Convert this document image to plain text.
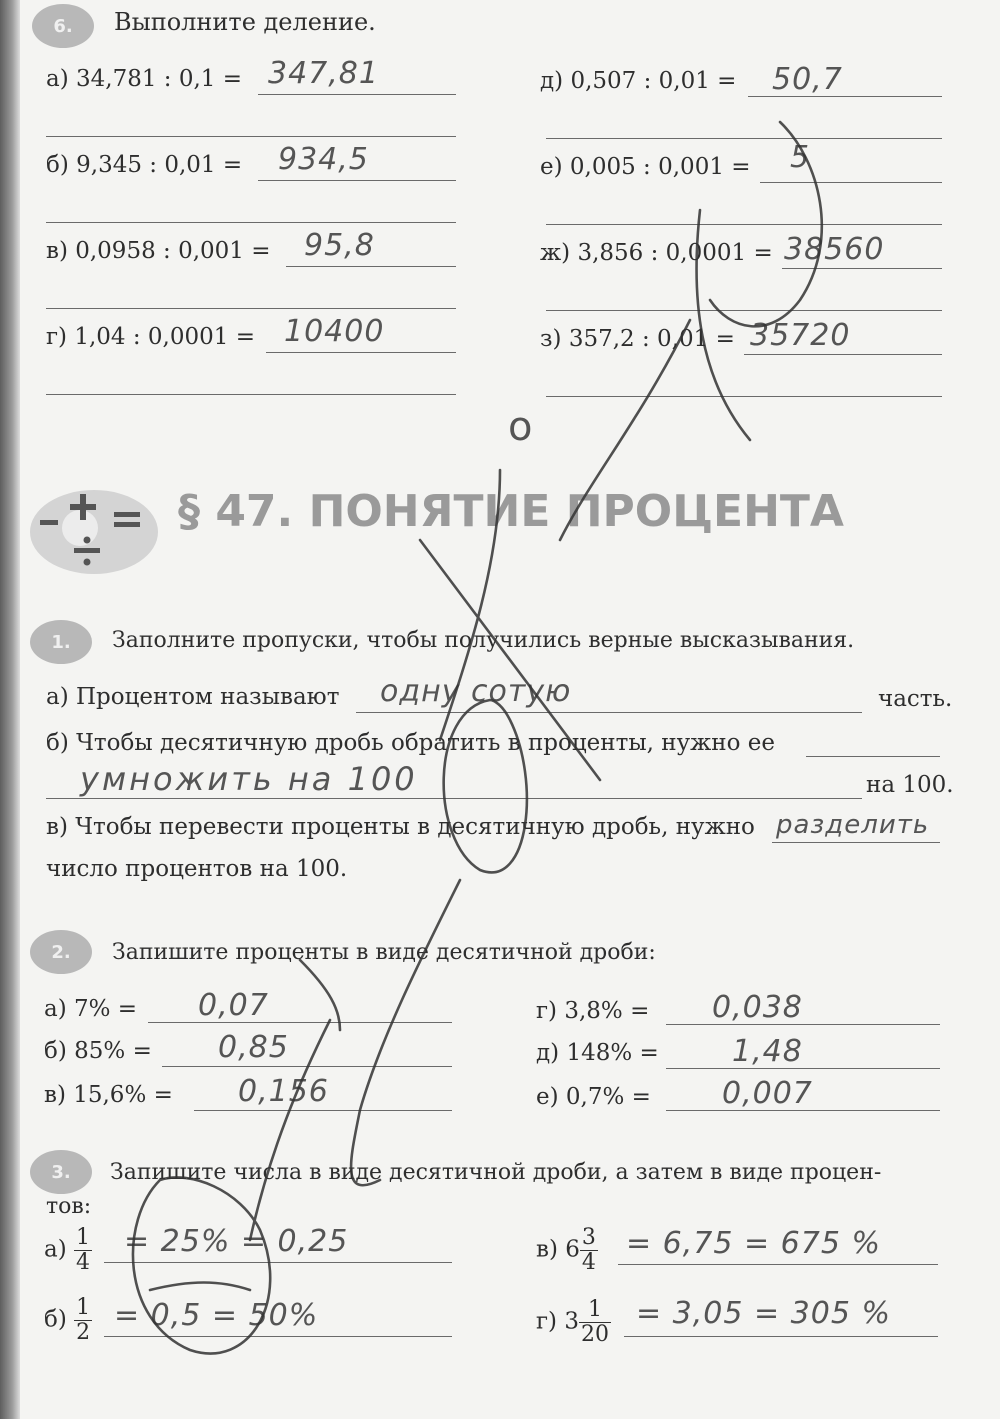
6. Выполните деление.
а) 34,781 : 0,1 = 347,81
б) 9,345 : 0,01 = 934,5
в) 0,0958 : 0,001 = 95,8
г) 1,04 : 0,0001 = 10400
д) 0,507 : 0,01 = 50,7
е) 0,005 : 0,001 = 5
ж) 3,856 : 0,0001 = 38560
з) 357,2 : 0,01 = 35720
§ 47. ПОНЯТИЕ ПРОЦЕНТА
1. Заполните пропуски, чтобы получились верные высказывания.
а) Процентом называют одну сотую	часть.
б) Чтобы десятичную дробь обратить в проценты, нужно ее
умножить на 100	на 100.
в) Чтобы перевести проценты в десятичную дробь, нужно разделить
число процентов на 100.
2. Запишите проценты в виде десятичной дроби:
а) 7% = 0,07
б) 85% = 0,85
в) 15,6% = 0,156
г) 3,8% = 0,038
д) 148% = 1,48
е) 0,7% = 0,007
3. Запишите числа в виде десятичной дроби, а затем в виде процен-
тов:
$а) \frac{1}{4} = 25\% = 0,25$
$б) \frac{1}{2} = 0,5 = 50\%$
в) $6 \frac{3}{4} = 6,75 = 675$ %
г) $3 \frac{1}{20} = 3,05 = 305$ %
о
